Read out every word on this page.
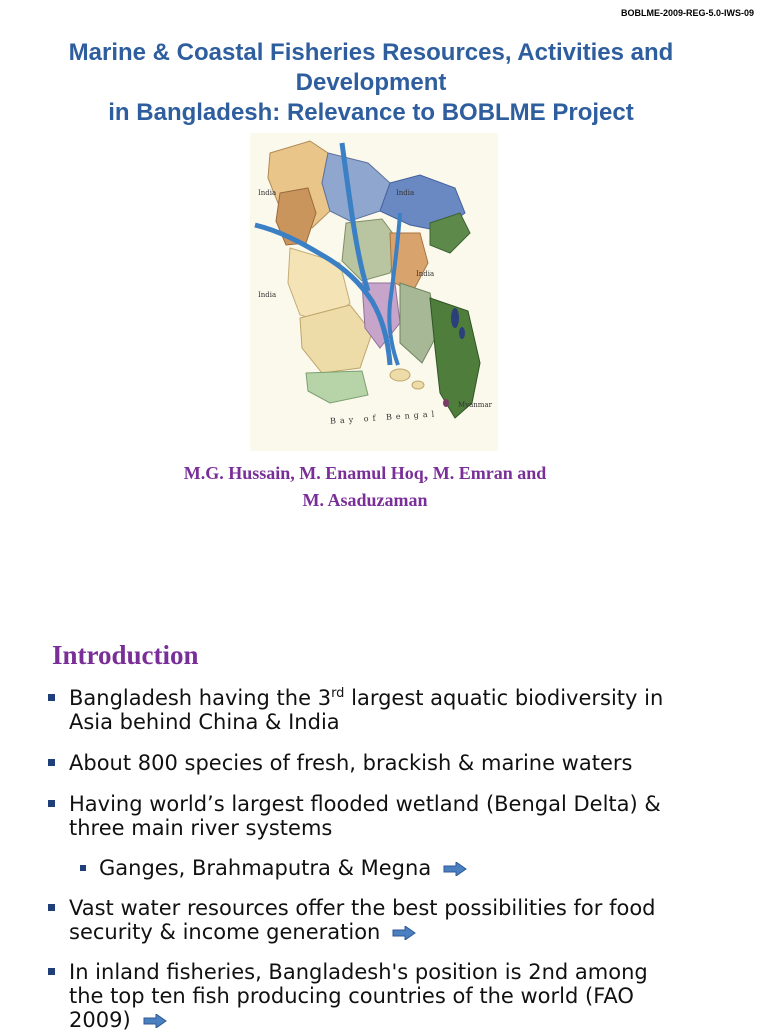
BOBLME-2009-REG-5.0-IWS-09
Marine & Coastal Fisheries Resources, Activities and
Development
in Bangladesh: Relevance to BOBLME Project
India	India
India
India
Myanmar
Bay of Bengal
M.G. Hussain, M. Enamul Hoq, M. Emran and
M. Asaduzaman
Introduction
Bangladesh having the 3rd largest aquatic biodiversity in
Asia behind China & India
About 800 species of fresh, brackish & marine waters
Having world’s largest flooded wetland (Bengal Delta) &
three main river systems
Ganges, Brahmaputra & Megna
Vast water resources offer the best possibilities for food
security & income generation
In inland fisheries, Bangladesh's position is 2nd among
the top ten fish producing countries of the world (FAO
2009)
